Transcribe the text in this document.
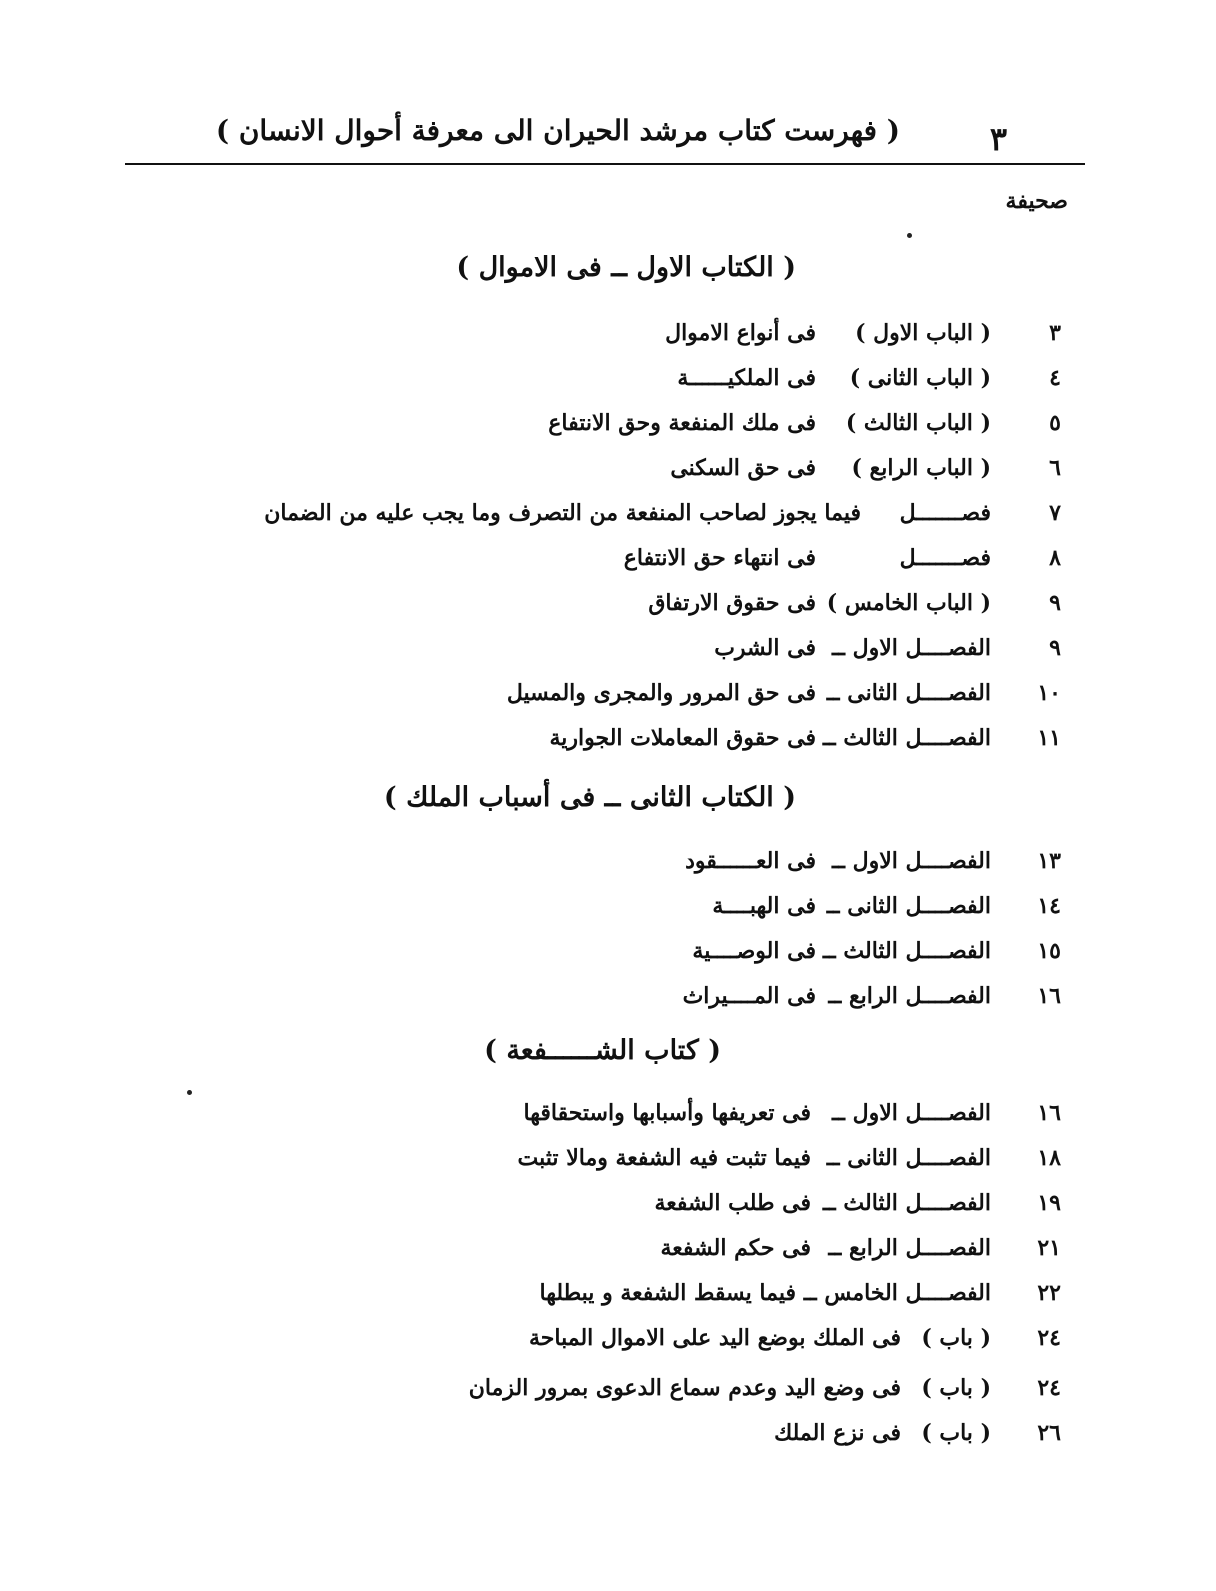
٣
( فهرست كتاب مرشد الحيران الى معرفة أحوال الانسان )
صحيفة
( الكتاب الاول ــ فى الاموال )
٣
( الباب الاول )
فى أنواع الاموال
٤
( الباب الثانى )
فى الملكيــــــة
٥
( الباب الثالث )
فى ملك المنفعة وحق الانتفاع
٦
( الباب الرابع )
فى حق السكنى
٧
فصـــــــل
فيما يجوز لصاحب المنفعة من التصرف وما يجب عليه من الضمان
٨
فصـــــــل
فى انتهاء حق الانتفاع
٩
( الباب الخامس )
فى حقوق الارتفاق
٩
الفصــــل الاول ــ
فى الشرب
١٠
الفصــــل الثانى ــ
فى حق المرور والمجرى والمسيل
١١
الفصــــل الثالث ــ
فى حقوق المعاملات الجوارية
( الكتاب الثانى ــ فى أسباب الملك )
١٣
الفصــــل الاول ــ
فى العــــــقود
١٤
الفصــــل الثانى ــ
فى الهبــــة
١٥
الفصــــل الثالث ــ
فى الوصــــية
١٦
الفصــــل الرابع ــ
فى المــــيراث
( كتاب الشــــــفعة )
١٦
الفصــــل الاول ــ
فى تعريفها وأسبابها واستحقاقها
١٨
الفصــــل الثانى ــ
فيما تثبت فيه الشفعة ومالا تثبت
١٩
الفصــــل الثالث ــ
فى طلب الشفعة
٢١
الفصــــل الرابع ــ
فى حكم الشفعة
٢٢
الفصــــل الخامس ــ
فيما يسقط الشفعة و يبطلها
٢٤
( باب )
فى الملك بوضع اليد على الاموال المباحة
٢٤
( باب )
فى وضع اليد وعدم سماع الدعوى بمرور الزمان
٢٦
( باب )
فى نزع الملك
